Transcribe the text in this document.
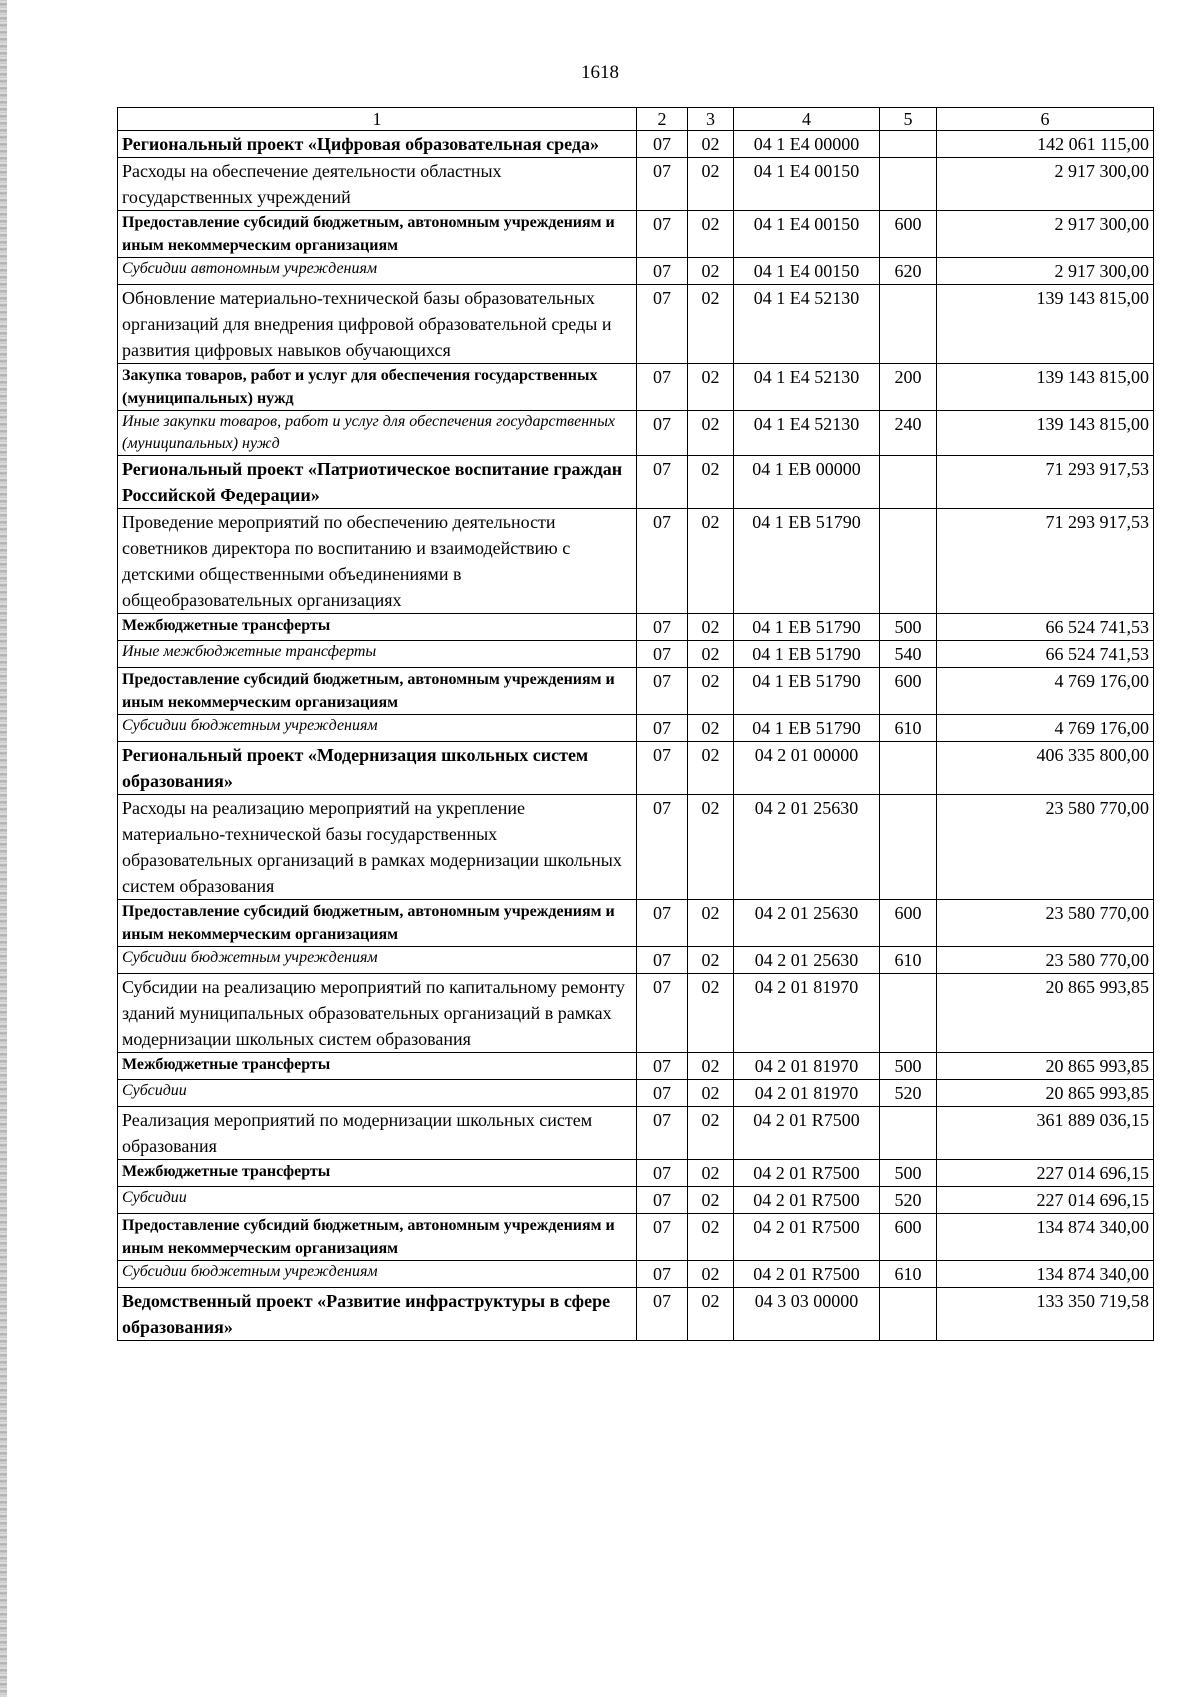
1618
1	2	3	4	5	6
Региональный проект «Цифровая образовательная среда»	07	02	04 1 E4 00000		142 061 115,00
Расходы на обеспечение деятельности областных государственных учреждений	07	02	04 1 E4 00150		2 917 300,00
Предоставление субсидий бюджетным, автономным учреждениям и иным некоммерческим организациям	07	02	04 1 E4 00150	600	2 917 300,00
Субсидии автономным учреждениям	07	02	04 1 E4 00150	620	2 917 300,00
Обновление материально-технической базы образовательных организаций для внедрения цифровой образовательной среды и развития цифровых навыков обучающихся	07	02	04 1 E4 52130		139 143 815,00
Закупка товаров, работ и услуг для обеспечения государственных (муниципальных) нужд	07	02	04 1 E4 52130	200	139 143 815,00
Иные закупки товаров, работ и услуг для обеспечения государственных (муниципальных) нужд	07	02	04 1 E4 52130	240	139 143 815,00
Региональный проект «Патриотическое воспитание граждан Российской Федерации»	07	02	04 1 EB 00000		71 293 917,53
Проведение мероприятий по обеспечению деятельности советников директора по воспитанию и взаимодействию с детскими общественными объединениями в общеобразовательных организациях	07	02	04 1 EB 51790		71 293 917,53
Межбюджетные трансферты	07	02	04 1 EB 51790	500	66 524 741,53
Иные межбюджетные трансферты	07	02	04 1 EB 51790	540	66 524 741,53
Предоставление субсидий бюджетным, автономным учреждениям и иным некоммерческим организациям	07	02	04 1 EB 51790	600	4 769 176,00
Субсидии бюджетным учреждениям	07	02	04 1 EB 51790	610	4 769 176,00
Региональный проект «Модернизация школьных систем образования»	07	02	04 2 01 00000		406 335 800,00
Расходы на реализацию мероприятий на укрепление материально-технической базы государственных образовательных организаций в рамках модернизации школьных систем образования	07	02	04 2 01 25630		23 580 770,00
Предоставление субсидий бюджетным, автономным учреждениям и иным некоммерческим организациям	07	02	04 2 01 25630	600	23 580 770,00
Субсидии бюджетным учреждениям	07	02	04 2 01 25630	610	23 580 770,00
Субсидии на реализацию мероприятий по капитальному ремонту зданий муниципальных образовательных организаций в рамках модернизации школьных систем образования	07	02	04 2 01 81970		20 865 993,85
Межбюджетные трансферты	07	02	04 2 01 81970	500	20 865 993,85
Субсидии	07	02	04 2 01 81970	520	20 865 993,85
Реализация мероприятий по модернизации школьных систем образования	07	02	04 2 01 R7500		361 889 036,15
Межбюджетные трансферты	07	02	04 2 01 R7500	500	227 014 696,15
Субсидии	07	02	04 2 01 R7500	520	227 014 696,15
Предоставление субсидий бюджетным, автономным учреждениям и иным некоммерческим организациям	07	02	04 2 01 R7500	600	134 874 340,00
Субсидии бюджетным учреждениям	07	02	04 2 01 R7500	610	134 874 340,00
Ведомственный проект «Развитие инфраструктуры в сфере образования»	07	02	04 3 03 00000		133 350 719,58
